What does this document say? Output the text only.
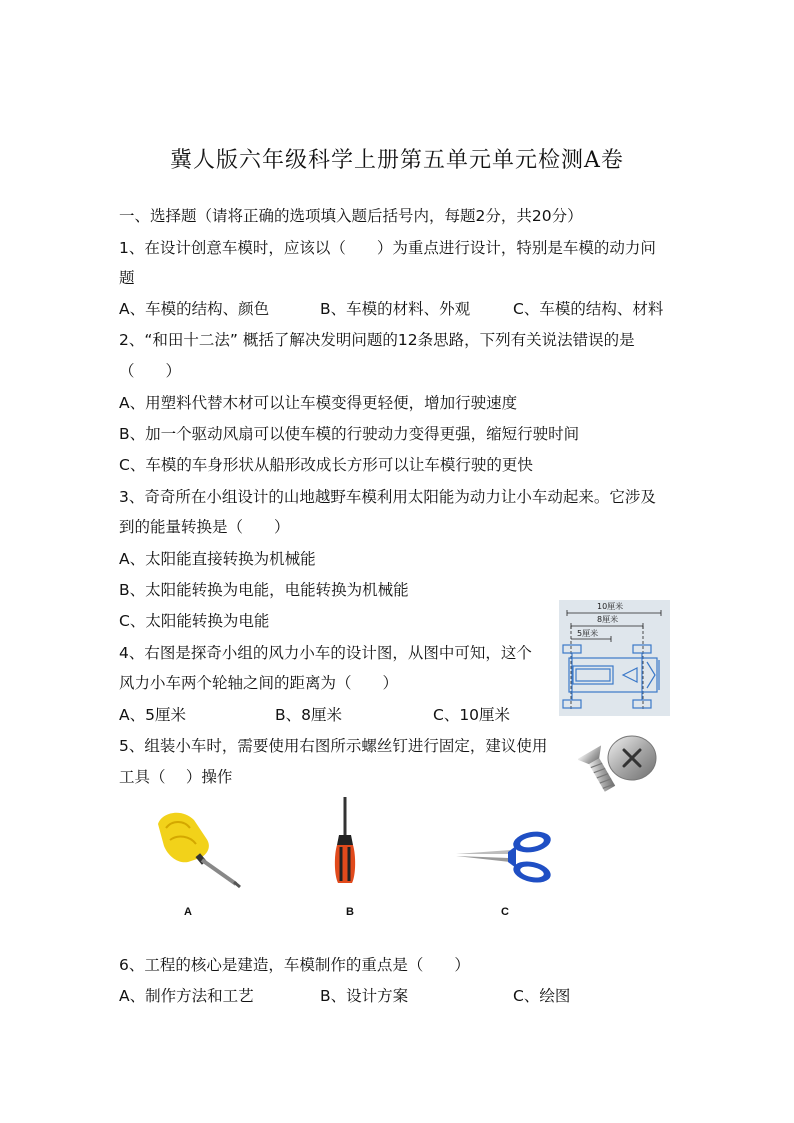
冀人版六年级科学上册第五单元单元检测A卷
一、选择题（请将正确的选项填入题后括号内，每题2分，共20分）
1、在设计创意车模时，应该以（　　）为重点进行设计，特别是车模的动力问
题
A、车模的结构、颜色	B、车模的材料、外观	C、车模的结构、材料
2、“和田十二法” 概括了解决发明问题的12条思路，下列有关说法错误的是
（　　）
A、用塑料代替木材可以让车模变得更轻便，增加行驶速度
B、加一个驱动风扇可以使车模的行驶动力变得更强，缩短行驶时间
C、车模的车身形状从船形改成长方形可以让车模行驶的更快
3、奇奇所在小组设计的山地越野车模利用太阳能为动力让小车动起来。它涉及
到的能量转换是（　　）
A、太阳能直接转换为机械能
B、太阳能转换为电能，电能转换为机械能
C、太阳能转换为电能
4、右图是探奇小组的风力小车的设计图，从图中可知，这个
风力小车两个轮轴之间的距离为（　　）
A、5厘米	B、8厘米	C、10厘米
10厘米
8厘米
5厘米
5、组装小车时，需要使用右图所示螺丝钉进行固定，建议使用
工具（　 ）操作
A	B	C
6、工程的核心是建造，车模制作的重点是（　　）
A、制作方法和工艺	B、设计方案	C、绘图
